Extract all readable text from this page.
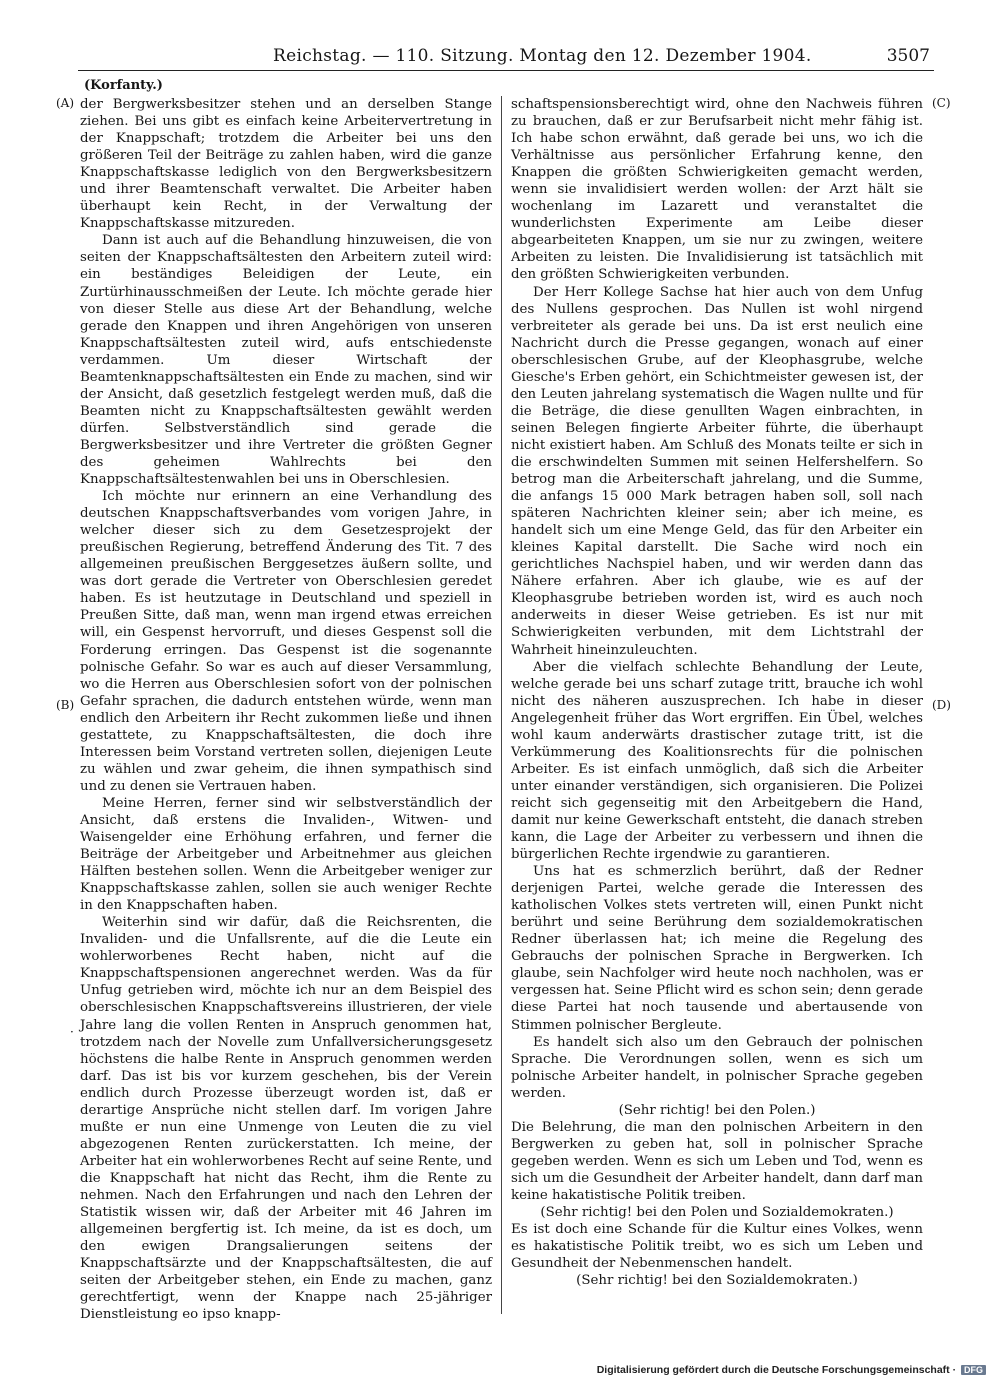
Reichstag. — 110. Sitzung. Montag den 12. Dezember 1904.	3507
(Korfanty.)
(A)
(B)
(C)
(D)
·

der Bergwerksbesitzer stehen und an derselben Stange ziehen. Bei uns gibt es einfach keine Arbeitervertretung in der Knappschaft; trotzdem die Arbeiter bei uns den größeren Teil der Beiträge zu zahlen haben, wird die ganze Knappschaftskasse lediglich von den Bergwerksbesitzern und ihrer Beamtenschaft verwaltet. Die Arbeiter haben überhaupt kein Recht, in der Verwaltung der Knappschaftskasse mitzureden.

Dann ist auch auf die Behandlung hinzuweisen, die von seiten der Knappschaftsältesten den Arbeitern zuteil wird: ein beständiges Beleidigen der Leute, ein Zurtürhinausschmeißen der Leute. Ich möchte gerade hier von dieser Stelle aus diese Art der Behandlung, welche gerade den Knappen und ihren Angehörigen von unseren Knappschaftsältesten zuteil wird, aufs entschiedenste verdammen. Um dieser Wirtschaft der Beamtenknappschaftsältesten ein Ende zu machen, sind wir der Ansicht, daß gesetzlich festgelegt werden muß, daß die Beamten nicht zu Knappschaftsältesten gewählt werden dürfen. Selbstverständlich sind gerade die Bergwerksbesitzer und ihre Vertreter die größten Gegner des geheimen Wahlrechts bei den Knappschaftsältestenwahlen bei uns in Oberschlesien.

Ich möchte nur erinnern an eine Verhandlung des deutschen Knappschaftsverbandes vom vorigen Jahre, in welcher dieser sich zu dem Gesetzesprojekt der preußischen Regierung, betreffend Änderung des Tit. 7 des allgemeinen preußischen Berggesetzes äußern sollte, und was dort gerade die Vertreter von Oberschlesien geredet haben. Es ist heutzutage in Deutschland und speziell in Preußen Sitte, daß man, wenn man irgend etwas erreichen will, ein Gespenst hervorruft, und dieses Gespenst soll die Forderung erringen. Das Gespenst ist die sogenannte polnische Gefahr. So war es auch auf dieser Versammlung, wo die Herren aus Oberschlesien sofort von der polnischen Gefahr sprachen, die dadurch entstehen würde, wenn man endlich den Arbeitern ihr Recht zukommen ließe und ihnen gestattete, zu Knappschaftsältesten, die doch ihre Interessen beim Vorstand vertreten sollen, diejenigen Leute zu wählen und zwar geheim, die ihnen sympathisch sind und zu denen sie Vertrauen haben.

Meine Herren, ferner sind wir selbstverständlich der Ansicht, daß erstens die Invaliden-, Witwen- und Waisengelder eine Erhöhung erfahren, und ferner die Beiträge der Arbeitgeber und Arbeitnehmer aus gleichen Hälften bestehen sollen. Wenn die Arbeitgeber weniger zur Knappschaftskasse zahlen, sollen sie auch weniger Rechte in den Knappschaften haben.

Weiterhin sind wir dafür, daß die Reichsrenten, die Invaliden- und die Unfallsrente, auf die die Leute ein wohlerworbenes Recht haben, nicht auf die Knappschaftspensionen angerechnet werden. Was da für Unfug getrieben wird, möchte ich nur an dem Beispiel des oberschlesischen Knappschaftsvereins illustrieren, der viele Jahre lang die vollen Renten in Anspruch genommen hat, trotzdem nach der Novelle zum Unfallversicherungsgesetz höchstens die halbe Rente in Anspruch genommen werden darf. Das ist bis vor kurzem geschehen, bis der Verein endlich durch Prozesse überzeugt worden ist, daß er derartige Ansprüche nicht stellen darf. Im vorigen Jahre mußte er nun eine Unmenge von Leuten die zu viel abgezogenen Renten zurückerstatten. Ich meine, der Arbeiter hat ein wohlerworbenes Recht auf seine Rente, und die Knappschaft hat nicht das Recht, ihm die Rente zu nehmen. Nach den Erfahrungen und nach den Lehren der Statistik wissen wir, daß der Arbeiter mit 46 Jahren im allgemeinen bergfertig ist. Ich meine, da ist es doch, um den ewigen Drangsalierungen seitens der Knappschaftsärzte und der Knappschaftsältesten, die auf seiten der Arbeitgeber stehen, ein Ende zu machen, ganz gerechtfertigt, wenn der Knappe nach 25-jähriger Dienstleistung eo ipso knapp-

schaftspensionsberechtigt wird, ohne den Nachweis führen zu brauchen, daß er zur Berufsarbeit nicht mehr fähig ist. Ich habe schon erwähnt, daß gerade bei uns, wo ich die Verhältnisse aus persönlicher Erfahrung kenne, den Knappen die größten Schwierigkeiten gemacht werden, wenn sie invalidisiert werden wollen: der Arzt hält sie wochenlang im Lazarett und veranstaltet die wunderlichsten Experimente am Leibe dieser abgearbeiteten Knappen, um sie nur zu zwingen, weitere Arbeiten zu leisten. Die Invalidisierung ist tatsächlich mit den größten Schwierigkeiten verbunden.

Der Herr Kollege Sachse hat hier auch von dem Unfug des Nullens gesprochen. Das Nullen ist wohl nirgend verbreiteter als gerade bei uns. Da ist erst neulich eine Nachricht durch die Presse gegangen, wonach auf einer oberschlesischen Grube, auf der Kleophasgrube, welche Giesche's Erben gehört, ein Schichtmeister gewesen ist, der den Leuten jahrelang systematisch die Wagen nullte und für die Beträge, die diese genullten Wagen einbrachten, in seinen Belegen fingierte Arbeiter führte, die überhaupt nicht existiert haben. Am Schluß des Monats teilte er sich in die erschwindelten Summen mit seinen Helfershelfern. So betrog man die Arbeiterschaft jahrelang, und die Summe, die anfangs 15 000 Mark betragen haben soll, soll nach späteren Nachrichten kleiner sein; aber ich meine, es handelt sich um eine Menge Geld, das für den Arbeiter ein kleines Kapital darstellt. Die Sache wird noch ein gerichtliches Nachspiel haben, und wir werden dann das Nähere erfahren. Aber ich glaube, wie es auf der Kleophasgrube betrieben worden ist, wird es auch noch anderweits in dieser Weise getrieben. Es ist nur mit Schwierigkeiten verbunden, mit dem Lichtstrahl der Wahrheit hineinzuleuchten.

Aber die vielfach schlechte Behandlung der Leute, welche gerade bei uns scharf zutage tritt, brauche ich wohl nicht des näheren auszusprechen. Ich habe in dieser Angelegenheit früher das Wort ergriffen. Ein Übel, welches wohl kaum anderwärts drastischer zutage tritt, ist die Verkümmerung des Koalitionsrechts für die polnischen Arbeiter. Es ist einfach unmöglich, daß sich die Arbeiter unter einander verständigen, sich organisieren. Die Polizei reicht sich gegenseitig mit den Arbeitgebern die Hand, damit nur keine Gewerkschaft entsteht, die danach streben kann, die Lage der Arbeiter zu verbessern und ihnen die bürgerlichen Rechte irgendwie zu garantieren.

Uns hat es schmerzlich berührt, daß der Redner derjenigen Partei, welche gerade die Interessen des katholischen Volkes stets vertreten will, einen Punkt nicht berührt und seine Berührung dem sozialdemokratischen Redner überlassen hat; ich meine die Regelung des Gebrauchs der polnischen Sprache in Bergwerken. Ich glaube, sein Nachfolger wird heute noch nachholen, was er vergessen hat. Seine Pflicht wird es schon sein; denn gerade diese Partei hat noch tausende und abertausende von Stimmen polnischer Bergleute.

Es handelt sich also um den Gebrauch der polnischen Sprache. Die Verordnungen sollen, wenn es sich um polnische Arbeiter handelt, in polnischer Sprache gegeben werden.

(Sehr richtig! bei den Polen.)

Die Belehrung, die man den polnischen Arbeitern in den Bergwerken zu geben hat, soll in polnischer Sprache gegeben werden. Wenn es sich um Leben und Tod, wenn es sich um die Gesundheit der Arbeiter handelt, dann darf man keine hakatistische Politik treiben.

(Sehr richtig! bei den Polen und Sozialdemokraten.)

Es ist doch eine Schande für die Kultur eines Volkes, wenn es hakatistische Politik treibt, wo es sich um Leben und Gesundheit der Nebenmenschen handelt.

(Sehr richtig! bei den Sozialdemokraten.)

Digitalisierung gefördert durch die Deutsche Forschungsgemeinschaft · DFG
